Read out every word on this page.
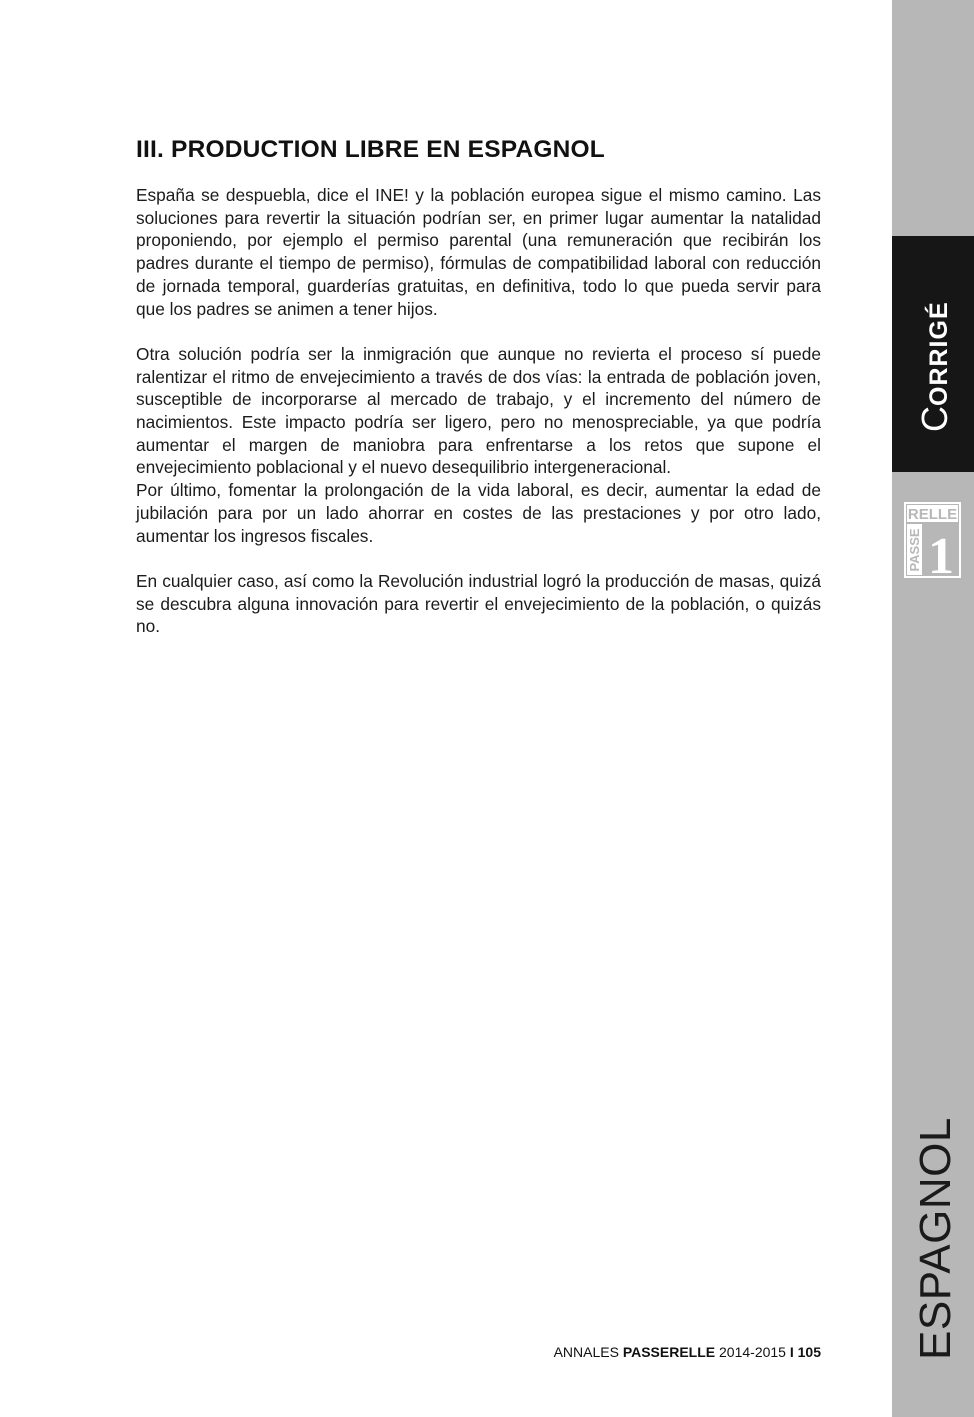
III. PRODUCTION LIBRE EN ESPAGNOL

España se despuebla, dice el INE! y la población europea sigue el mismo camino. Las soluciones para revertir la situación podrían ser, en primer lugar aumentar la natalidad proponiendo, por ejemplo el permiso parental (una remuneración que recibirán los padres durante el tiempo de permiso), fórmulas de compatibilidad laboral con reducción de jornada temporal, guarderías gratuitas, en definitiva, todo lo que pueda servir para que los padres se animen a tener hijos.

Otra solución podría ser la inmigración que aunque no revierta el proceso sí puede ralentizar el ritmo de envejecimiento a través de dos vías: la entrada de población joven, susceptible de incorporarse al mercado de trabajo, y el incremento del número de nacimientos. Este impacto podría ser ligero, pero no menospreciable, ya que podría aumentar el margen de maniobra para enfrentarse a los retos que supone el envejecimiento poblacional y el nuevo desequilibrio intergeneracional.

Por último, fomentar la prolongación de la vida laboral, es decir, aumentar la edad de jubilación para por un lado ahorrar en costes de las prestaciones y por otro lado, aumentar los ingresos fiscales.

En cualquier caso, así como la Revolución industrial logró la producción de masas, quizá se descubra alguna innovación para revertir el envejecimiento de la población, o quizás no.

ANNALES PASSERELLE 2014-2015 I 105
CORRIGÉ
RELLE
PASSE 1
ESPAGNOL
